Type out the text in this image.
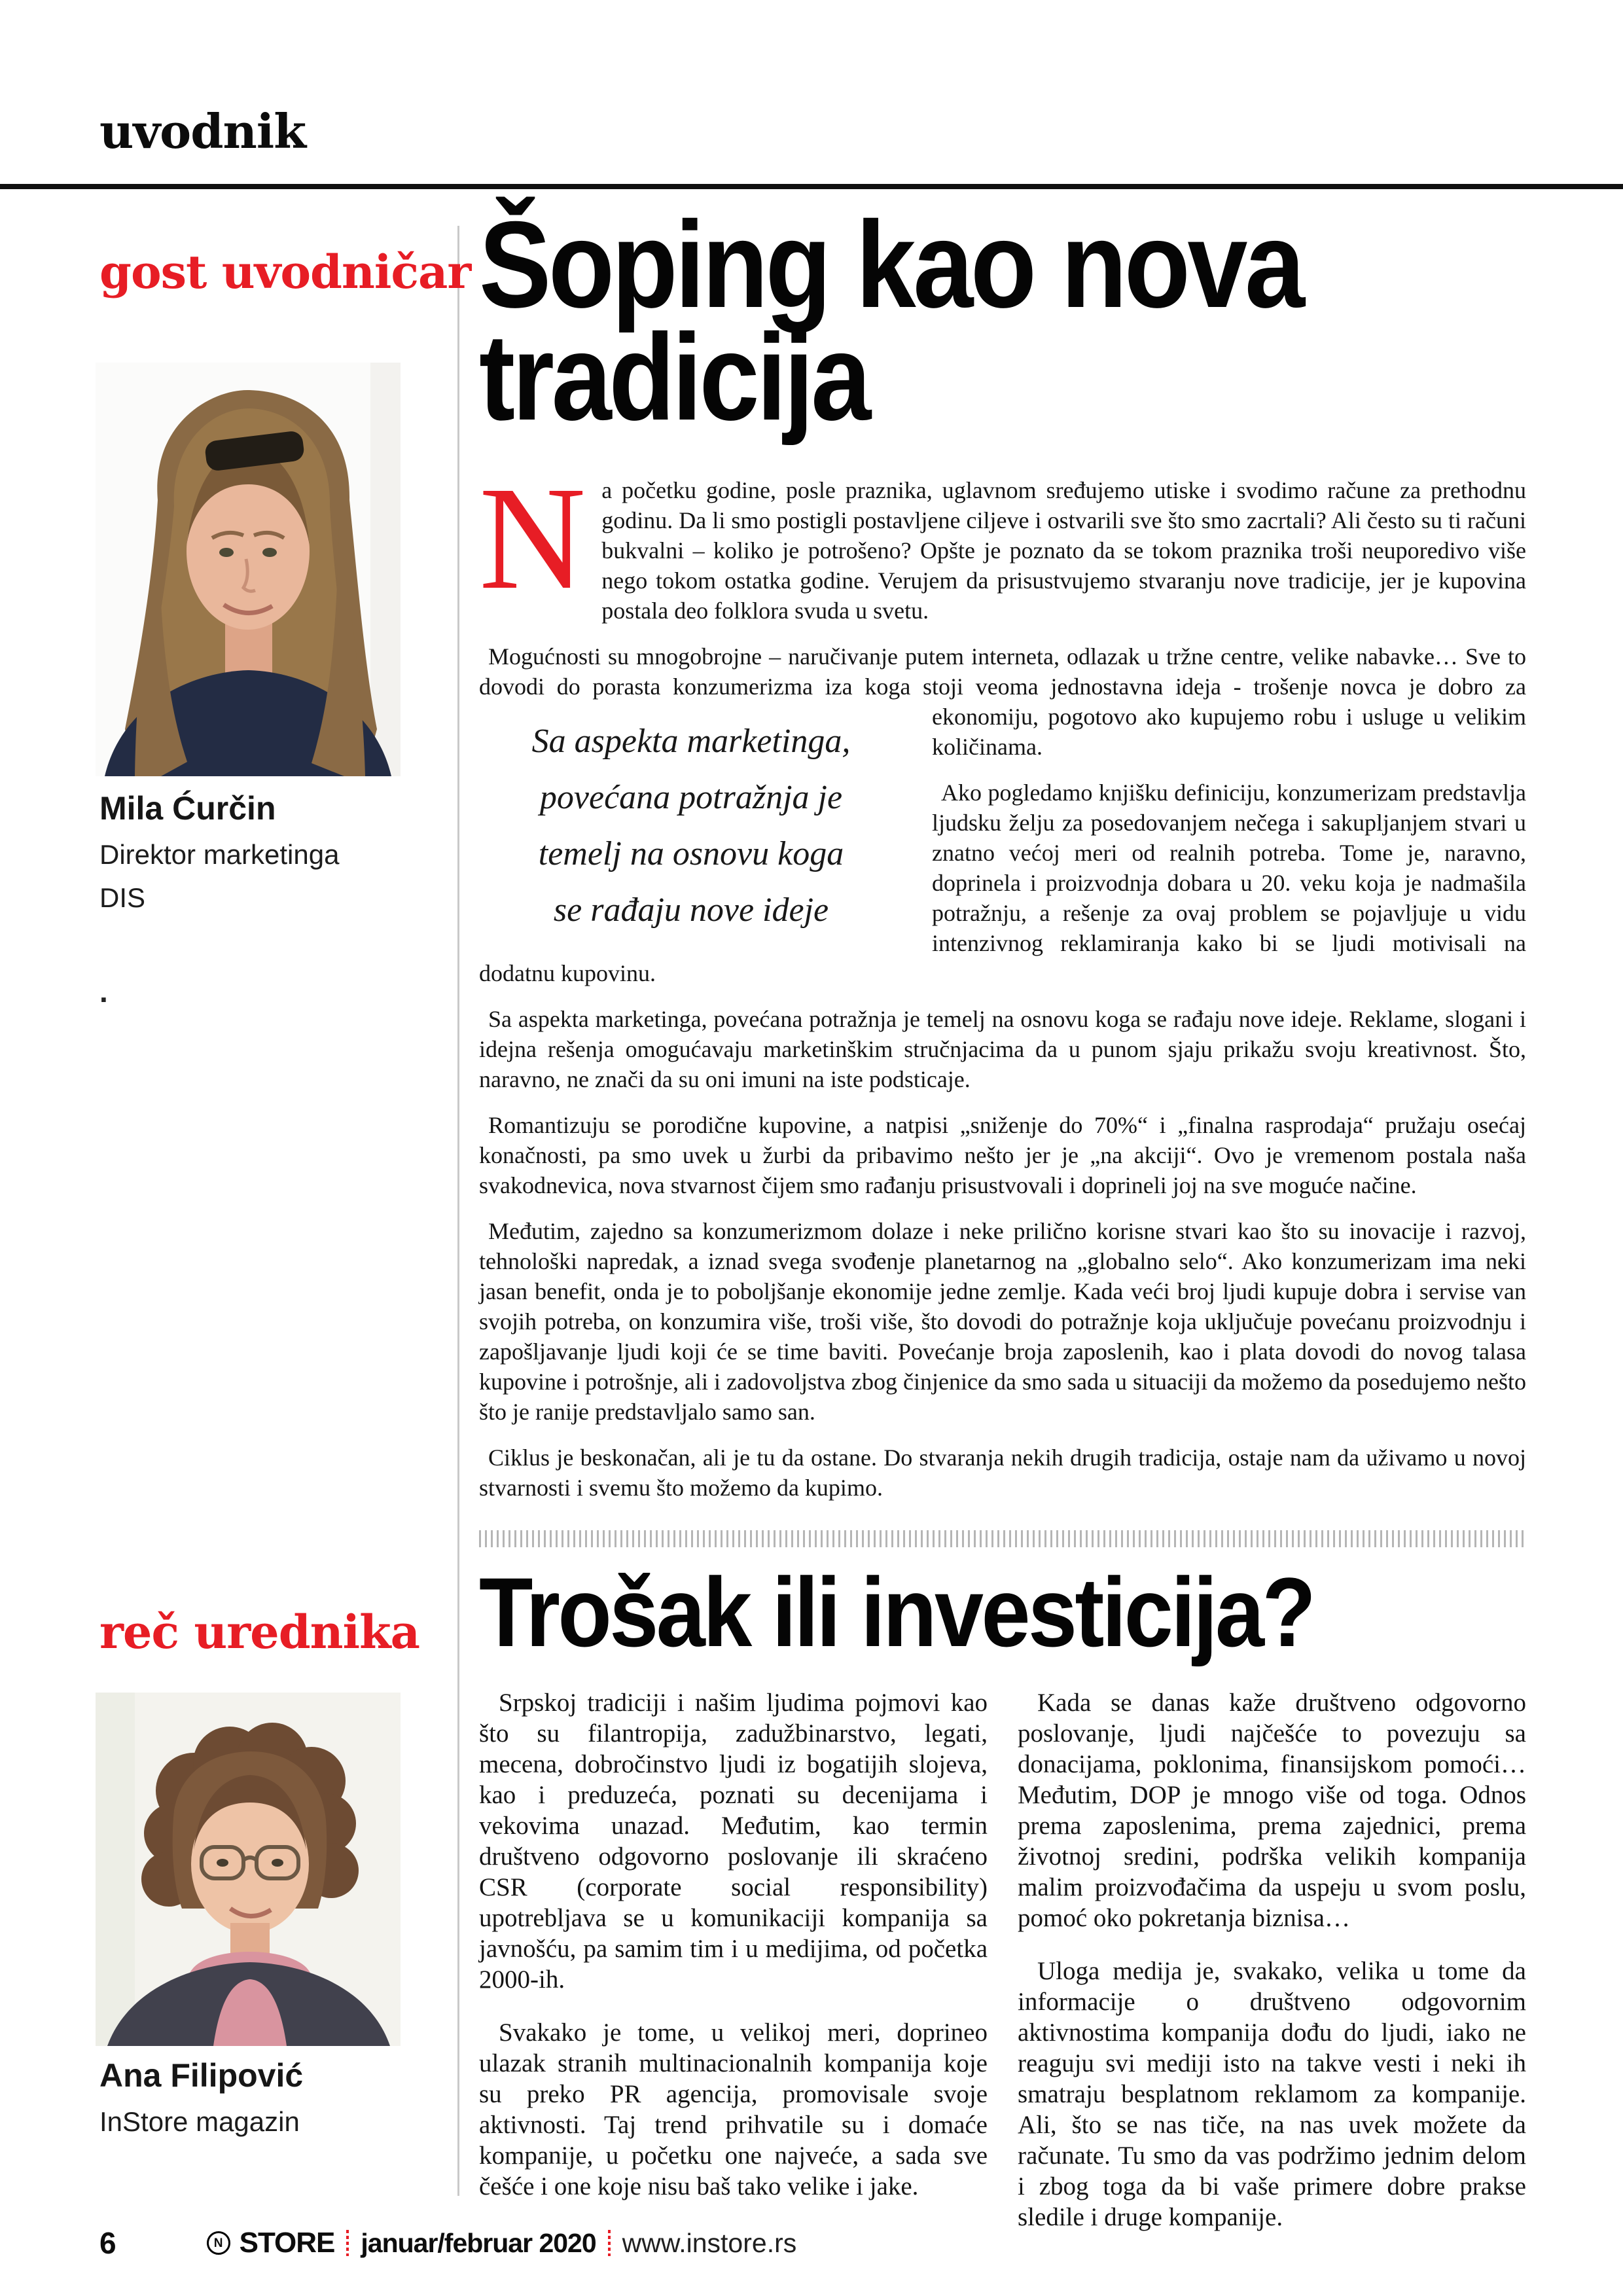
uvodnik
gost uvodničar
Mila Ćurčin
Direktor marketinga
DIS
.
reč urednika
Ana Filipović
InStore magazin
Šoping kao nova
tradicija

Na početku godine, posle praznika, uglavnom sređujemo utiske i svodimo račune za prethodnu godinu. Da li smo postigli postavljene ciljeve i ostvarili sve što smo zacrtali? Ali često su ti računi bukvalni – koliko je potrošeno? Opšte je poznato da se tokom praznika troši neuporedivo više nego tokom ostatka godine. Verujem da prisustvujemo stvaranju nove tradicije, jer je kupovina postala deo folklora svuda u svetu.

Mogućnosti su mnogobrojne – naručivanje putem interneta, odlazak u tržne centre, velike nabavke… Sve to dovodi do porasta konzumerizma iza koga stoji veoma jednostavna ideja -
Sa aspekta marketinga,
povećana potražnja je
temelj na osnovu koga
se rađaju nove ideje
trošenje novca je dobro za ekonomiju, pogotovo ako kupujemo robu i usluge u velikim količinama.

Ako pogledamo knjišku definiciju, konzumerizam predstavlja ljudsku želju za posedovanjem nečega i sakupljanjem stvari u znatno većoj meri od realnih potreba. Tome je, naravno, doprinela i proizvodnja dobara u 20. veku koja je nadmašila potražnju, a rešenje za ovaj problem se pojavljuje u vidu intenzivnog reklamiranja kako bi se ljudi motivisali na dodatnu kupovinu.

Sa aspekta marketinga, povećana potražnja je temelj na osnovu koga se rađaju nove ideje. Reklame, slogani i idejna rešenja omogućavaju marketinškim stručnjacima da u punom sjaju prikažu svoju kreativnost. Što, naravno, ne znači da su oni imuni na iste podsticaje.

Romantizuju se porodične kupovine, a natpisi „sniženje do 70%“ i „finalna rasprodaja“ pružaju osećaj konačnosti, pa smo uvek u žurbi da pribavimo nešto jer je „na akciji“. Ovo je vremenom postala naša svakodnevica, nova stvarnost čijem smo rađanju prisustvovali i doprineli joj na sve moguće načine.

Međutim, zajedno sa konzumerizmom dolaze i neke prilično korisne stvari kao što su inovacije i razvoj, tehnološki napredak, a iznad svega svođenje planetarnog na „globalno selo“. Ako konzumerizam ima neki jasan benefit, onda je to poboljšanje ekonomije jedne zemlje. Kada veći broj ljudi kupuje dobra i servise van svojih potreba, on konzumira više, troši više, što dovodi do potražnje koja uključuje povećanu proizvodnju i zapošljavanje ljudi koji će se time baviti. Povećanje broja zaposlenih, kao i plata dovodi do novog talasa kupovine i potrošnje, ali i zadovoljstva zbog činjenice da smo sada u situaciji da možemo da posedujemo nešto što je ranije predstavljalo samo san.

Ciklus je beskonačan, ali je tu da ostane. Do stvaranja nekih drugih tradicija, ostaje nam da uživamo u novoj stvarnosti i svemu što možemo da kupimo.

Trošak ili investicija?

Srpskoj tradiciji i našim ljudima pojmovi kao što su filantropija, zadužbinarstvo, legati, mecena, dobročinstvo ljudi iz bogatijih slojeva, kao i preduzeća, poznati su decenijama i vekovima unazad. Međutim, kao termin društveno odgovorno poslovanje ili skraćeno CSR (corporate social responsibility) upotrebljava se u komunikaciji kompanija sa javnošću, pa samim tim i u medijima, od početka 2000-ih.

Svakako je tome, u velikoj meri, doprineo ulazak stranih multinacionalnih kompanija koje su preko PR agencija, promovisale svoje aktivnosti. Taj trend prihvatile su i domaće kompanije, u početku one najveće, a sada sve češće i one koje nisu baš tako velike i jake.

Kada se danas kaže društveno odgovorno poslovanje, ljudi najčešće to povezuju sa donacijama, poklonima, finansijskom pomoći… Međutim, DOP je mnogo više od toga. Odnos prema zaposlenima, prema zajednici, prema životnoj sredini, podrška velikih kompanija malim proizvođačima da uspeju u svom poslu, pomoć oko pokretanja biznisa…

Uloga medija je, svakako, velika u tome da informacije o društveno odgovornim aktivnostima kompanija dođu do ljudi, iako ne reaguju svi mediji isto na takve vesti i neki ih smatraju besplatnom reklamom za kompanije. Ali, što se nas tiče, na nas uvek možete da računate. Tu smo da vas podržimo jednim delom i zbog toga da bi vaše primere dobre prakse sledile i druge kompanije.

6	N STORE januar/februar 2020 www.instore.rs
